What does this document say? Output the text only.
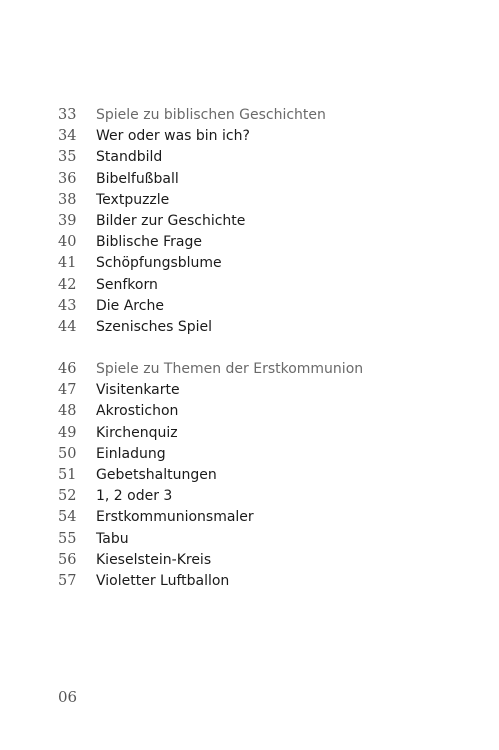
33	Spiele zu biblischen Geschichten
34	Wer oder was bin ich?
35	Standbild
36	Bibelfußball
38	Textpuzzle
39	Bilder zur Geschichte
40	Biblische Frage
41	Schöpfungsblume
42	Senfkorn
43	Die Arche
44	Szenisches Spiel
46	Spiele zu Themen der Erstkommunion
47	Visitenkarte
48	Akrostichon
49	Kirchenquiz
50	Einladung
51	Gebetshaltungen
52	1, 2 oder 3
54	Erstkommunionsmaler
55	Tabu
56	Kieselstein-Kreis
57	Violetter Luftballon
06
